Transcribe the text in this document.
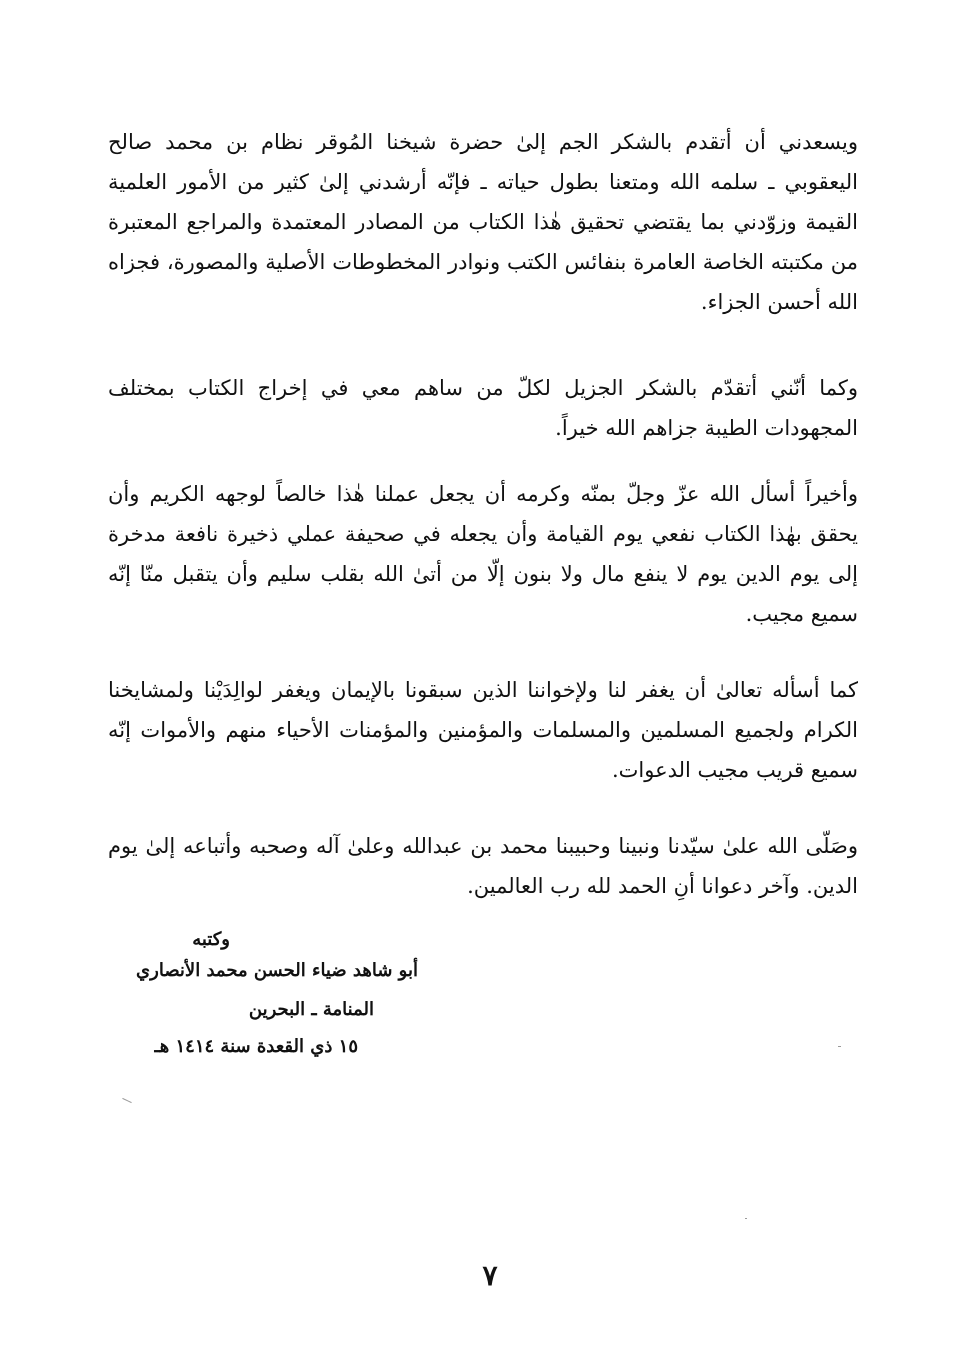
ويسعدني أن أتقدم بالشكر الجم إلىٰ حضرة شيخنا المُوقر نظام بن محمد صالح اليعقوبي ـ سلمه الله ومتعنا بطول حياته ـ فإنّه أرشدني إلىٰ كثير من الأمور العلمية القيمة وزوّدني بما يقتضي تحقيق هٰذا الكتاب من المصادر المعتمدة والمراجع المعتبرة من مكتبته الخاصة العامرة بنفائس الكتب ونوادر المخطوطات الأصلية والمصورة، فجزاه الله أحسن الجزاء.

وكما أنّني أتقدّم بالشكر الجزيل لكلّ من ساهم معي في إخراج الكتاب بمختلف المجهودات الطيبة جزاهم الله خيراً.

وأخيراً أسأل الله عزّ وجلّ بمنّه وكرمه أن يجعل عملنا هٰذا خالصاً لوجهه الكريم وأن يحقق بهٰذا الكتاب نفعي يوم القيامة وأن يجعله في صحيفة عملي ذخيرة نافعة مدخرة إلى يوم الدين يوم لا ينفع مال ولا بنون إلّا من أتىٰ الله بقلب سليم وأن يتقبل منّا إنّه سميع مجيب.

كما أسأله تعالىٰ أن يغفر لنا ولإخواننا الذين سبقونا بالإيمان ويغفر لوالِدَيْنا ولمشايخنا الكرام ولجميع المسلمين والمسلمات والمؤمنين والمؤمنات الأحياء منهم والأموات إنّه سميع قريب مجيب الدعوات.

وصَلّى الله علىٰ سيّدنا ونبينا وحبيبنا محمد بن عبدالله وعلىٰ آله وصحبه وأتباعه إلىٰ يوم الدين. وآخر دعوانا أنِ الحمد لله رب العالمين.

وكتبه

أبو شاهد ضياء الحسن محمد الأنصاري

المنامة ـ البحرين

١٥ ذي القعدة سنة ١٤١٤ هـ

٧
